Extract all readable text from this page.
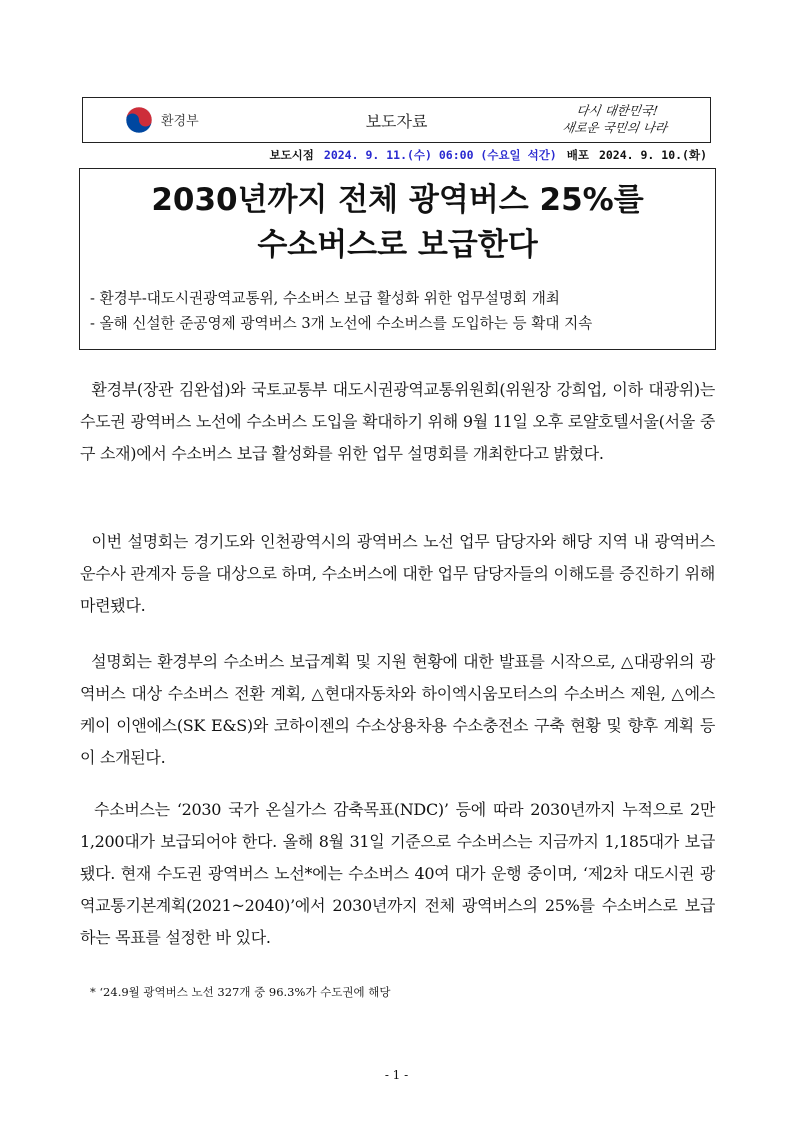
환경부	보도자료
다시 대한민국!
새로운 국민의 나라
보도시점 2024. 9. 11.(수) 06:00 (수요일 석간) 배포 2024. 9. 10.(화)
2030년까지 전체 광역버스 25%를
수소버스로 보급한다
- 환경부-대도시권광역교통위, 수소버스 보급 활성화 위한 업무설명회 개최
- 올해 신설한 준공영제 광역버스 3개 노선에 수소버스를 도입하는 등 확대 지속

환경부(장관 김완섭)와 국토교통부 대도시권광역교통위원회(위원장 강희업, 이하 대광위)는 수도권 광역버스 노선에 수소버스 도입을 확대하기 위해 9월 11일 오후 로얄호텔서울(서울 중구 소재)에서 수소버스 보급 활성화를 위한 업무 설명회를 개최한다고 밝혔다.

이번 설명회는 경기도와 인천광역시의 광역버스 노선 업무 담당자와 해당 지역 내 광역버스 운수사 관계자 등을 대상으로 하며, 수소버스에 대한 업무 담당자들의 이해도를 증진하기 위해 마련됐다.

설명회는 환경부의 수소버스 보급계획 및 지원 현황에 대한 발표를 시작으로, △대광위의 광역버스 대상 수소버스 전환 계획, △현대자동차와 하이엑시움모터스의 수소버스 제원, △에스케이 이앤에스(SK E&S)와 코하이젠의 수소상용차용 수소충전소 구축 현황 및 향후 계획 등이 소개된다.

수소버스는 ‘2030 국가 온실가스 감축목표(NDC)’ 등에 따라 2030년까지 누적으로 2만 1,200대가 보급되어야 한다. 올해 8월 31일 기준으로 수소버스는 지금까지 1,185대가 보급됐다. 현재 수도권 광역버스 노선*에는 수소버스 40여 대가 운행 중이며, ‘제2차 대도시권 광역교통기본계획(2021~2040)’에서 2030년까지 전체 광역버스의 25%를 수소버스로 보급하는 목표를 설정한 바 있다.

* ‘24.9월 광역버스 노선 327개 중 96.3%가 수도권에 해당
- 1 -
